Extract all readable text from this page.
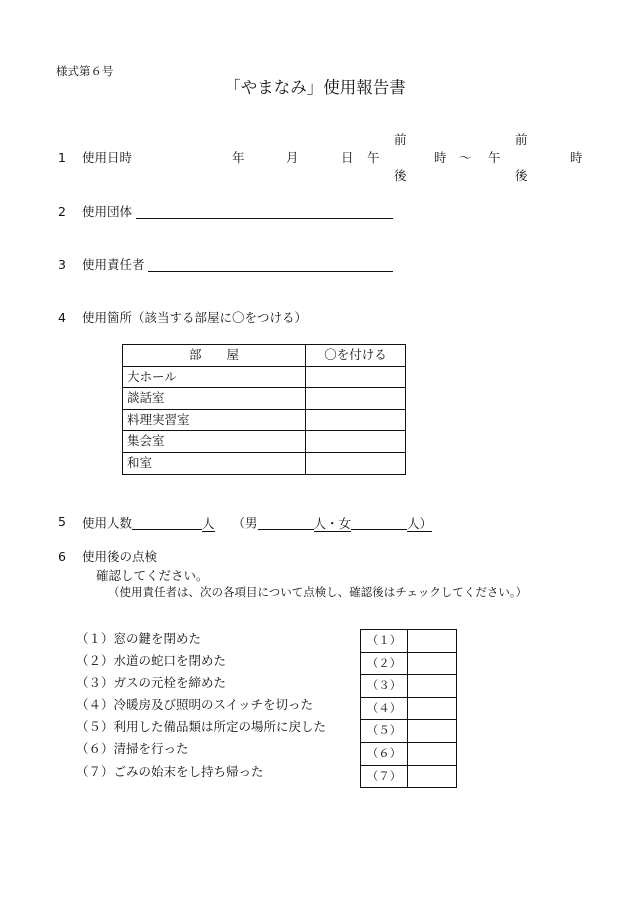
様式第６号
「やまなみ」使用報告書
1 使用日時	年	月	日 午
前
後
時 〜 午
前
後
時
2 使用団体
3 使用責任者
4 使用箇所（該当する部屋に〇をつける）
部　　屋	〇を付ける
大ホール	
談話室	
料理実習室	
集会室	
和室	
5 使用人数	人 （男	人・女	人）
6 使用後の点検
確認してください。
（使用責任者は、次の各項目について点検し、確認後はチェックしてください。）
（１）窓の鍵を閉めた
（２）水道の蛇口を閉めた
（３）ガスの元栓を締めた
（４）冷暖房及び照明のスイッチを切った
（５）利用した備品類は所定の場所に戻した
（６）清掃を行った
（７）ごみの始末をし持ち帰った
（１）	
（２）	
（３）	
（４）	
（５）	
（６）	
（７）	
